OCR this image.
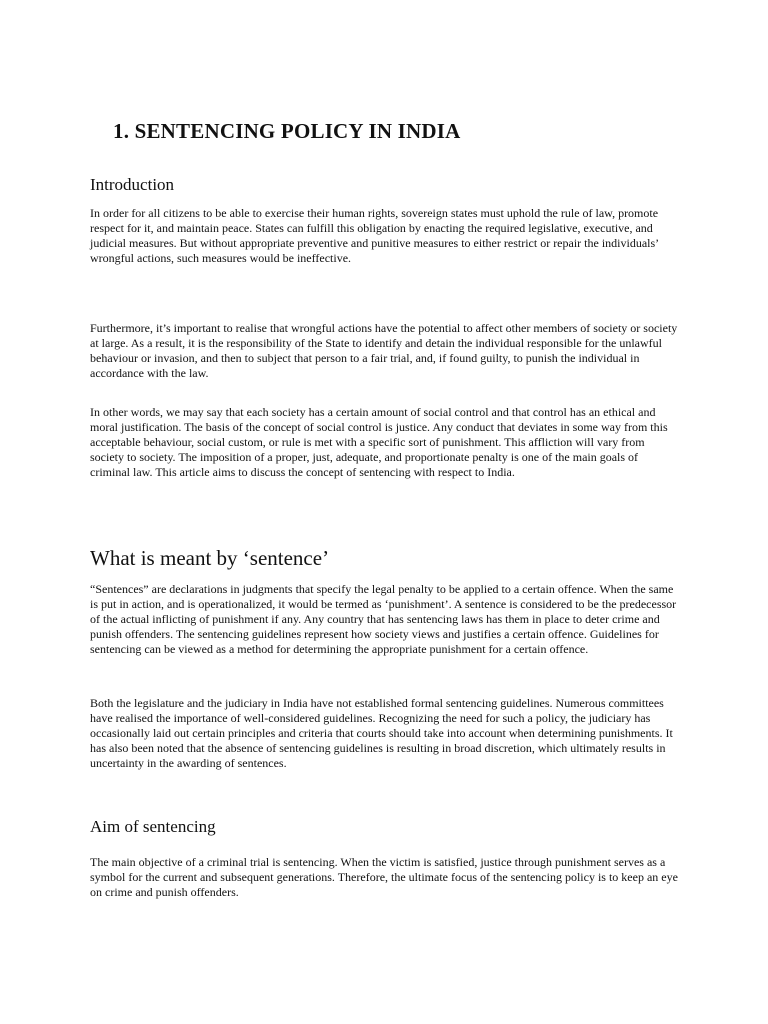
1. SENTENCING POLICY IN INDIA
Introduction

In order for all citizens to be able to exercise their human rights, sovereign states must uphold the rule of law, promote respect for it, and maintain peace. States can fulfill this obligation by enacting the required legislative, executive, and judicial measures. But without appropriate preventive and punitive measures to either restrict or repair the individuals’ wrongful actions, such measures would be ineffective.

Furthermore, it’s important to realise that wrongful actions have the potential to affect other members of society or society at large. As a result, it is the responsibility of the State to identify and detain the individual responsible for the unlawful behaviour or invasion, and then to subject that person to a fair trial, and, if found guilty, to punish the individual in accordance with the law.

In other words, we may say that each society has a certain amount of social control and that control has an ethical and moral justification. The basis of the concept of social control is justice. Any conduct that deviates in some way from this acceptable behaviour, social custom, or rule is met with a specific sort of punishment. This affliction will vary from society to society. The imposition of a proper, just, adequate, and proportionate penalty is one of the main goals of criminal law. This article aims to discuss the concept of sentencing with respect to India.

What is meant by ‘sentence’

“Sentences” are declarations in judgments that specify the legal penalty to be applied to a certain offence. When the same is put in action, and is operationalized, it would be termed as ‘punishment’. A sentence is considered to be the predecessor of the actual inflicting of punishment if any. Any country that has sentencing laws has them in place to deter crime and punish offenders. The sentencing guidelines represent how society views and justifies a certain offence. Guidelines for sentencing can be viewed as a method for determining the appropriate punishment for a certain offence.

Both the legislature and the judiciary in India have not established formal sentencing guidelines. Numerous committees have realised the importance of well-considered guidelines. Recognizing the need for such a policy, the judiciary has occasionally laid out certain principles and criteria that courts should take into account when determining punishments. It has also been noted that the absence of sentencing guidelines is resulting in broad discretion, which ultimately results in uncertainty in the awarding of sentences.

Aim of sentencing

The main objective of a criminal trial is sentencing. When the victim is satisfied, justice through punishment serves as a symbol for the current and subsequent generations. Therefore, the ultimate focus of the sentencing policy is to keep an eye on crime and punish offenders.
